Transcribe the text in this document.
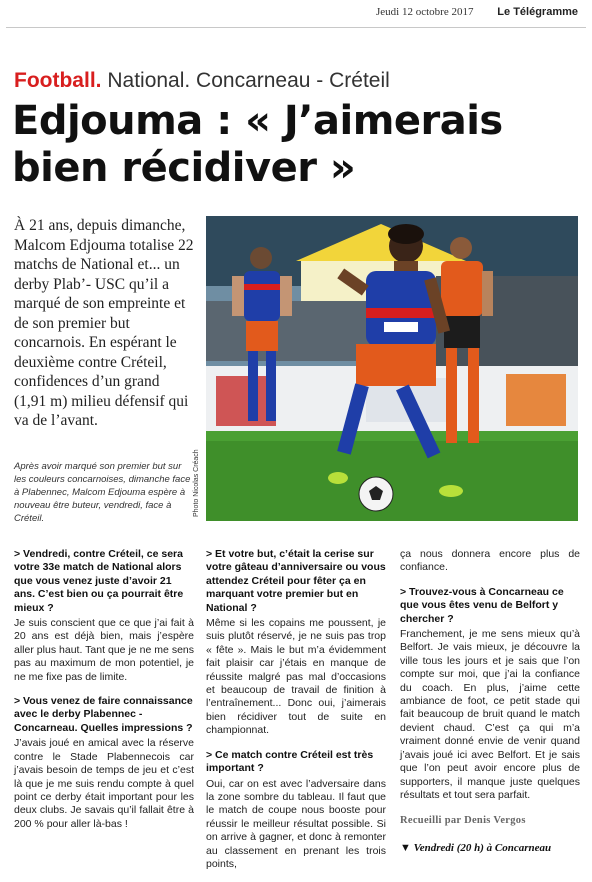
Jeudi 12 octobre 2017 Le Télégramme
Football. National. Concarneau - Créteil
Edjouma : « J’aimerais bien récidiver »

À 21 ans, depuis dimanche, Malcom Edjouma totalise 22 matchs de National et... un derby Plab’- USC qu’il a marqué de son empreinte et de son premier but concarnois. En espérant le deuxième contre Créteil, confidences d’un grand (1,91 m) milieu défensif qui va de l’avant.

Photo Nicolas Créach

Après avoir marqué son premier but sur les couleurs concarnoises, dimanche face à Plabennec, Malcom Edjouma espère à nouveau être buteur, vendredi, face à Créteil.

> Vendredi, contre Créteil, ce sera votre 33e match de National alors que vous venez juste d’avoir 21 ans. C’est bien ou ça pourrait être mieux ?

Je suis conscient que ce que j’ai fait à 20 ans est déjà bien, mais j’espère aller plus haut. Tant que je ne me sens pas au maximum de mon potentiel, je ne me fixe pas de limite.

> Vous venez de faire connaissance avec le derby Plabennec - Concarneau. Quelles impressions ?

J’avais joué en amical avec la réserve contre le Stade Plabennecois car j’avais besoin de temps de jeu et c’est là que je me suis rendu compte à quel point ce derby était important pour les deux clubs. Je savais qu’il fallait être à 200 % pour aller là-bas !

> Et votre but, c’était la cerise sur votre gâteau d’anniversaire ou vous attendez Créteil pour fêter ça en marquant votre premier but en National ?

Même si les copains me poussent, je suis plutôt réservé, je ne suis pas trop « fête ». Mais le but m’a évidemment fait plaisir car j’étais en manque de réussite malgré pas mal d’occasions et beaucoup de travail de finition à l’entraînement... Donc oui, j’aimerais bien récidiver tout de suite en championnat.

> Ce match contre Créteil est très important ?

Oui, car on est avec l’adversaire dans la zone sombre du tableau. Il faut que le match de coupe nous booste pour réussir le meilleur résultat possible. Si on arrive à gagner, et donc à remonter au classement en prenant les trois points,

ça nous donnera encore plus de confiance.

> Trouvez-vous à Concarneau ce que vous êtes venu de Belfort y chercher ?

Franchement, je me sens mieux qu’à Belfort. Je vais mieux, je découvre la ville tous les jours et je sais que l’on compte sur moi, que j’ai la confiance du coach. En plus, j’aime cette ambiance de foot, ce petit stade qui fait beaucoup de bruit quand le match devient chaud. C’est ça qui m’a vraiment donné envie de venir quand j’avais joué ici avec Belfort. Et je sais que l’on peut avoir encore plus de supporters, il manque juste quelques résultats et tout sera parfait.

Recueilli par Denis Vergos

▼ Vendredi (20 h) à Concarneau
